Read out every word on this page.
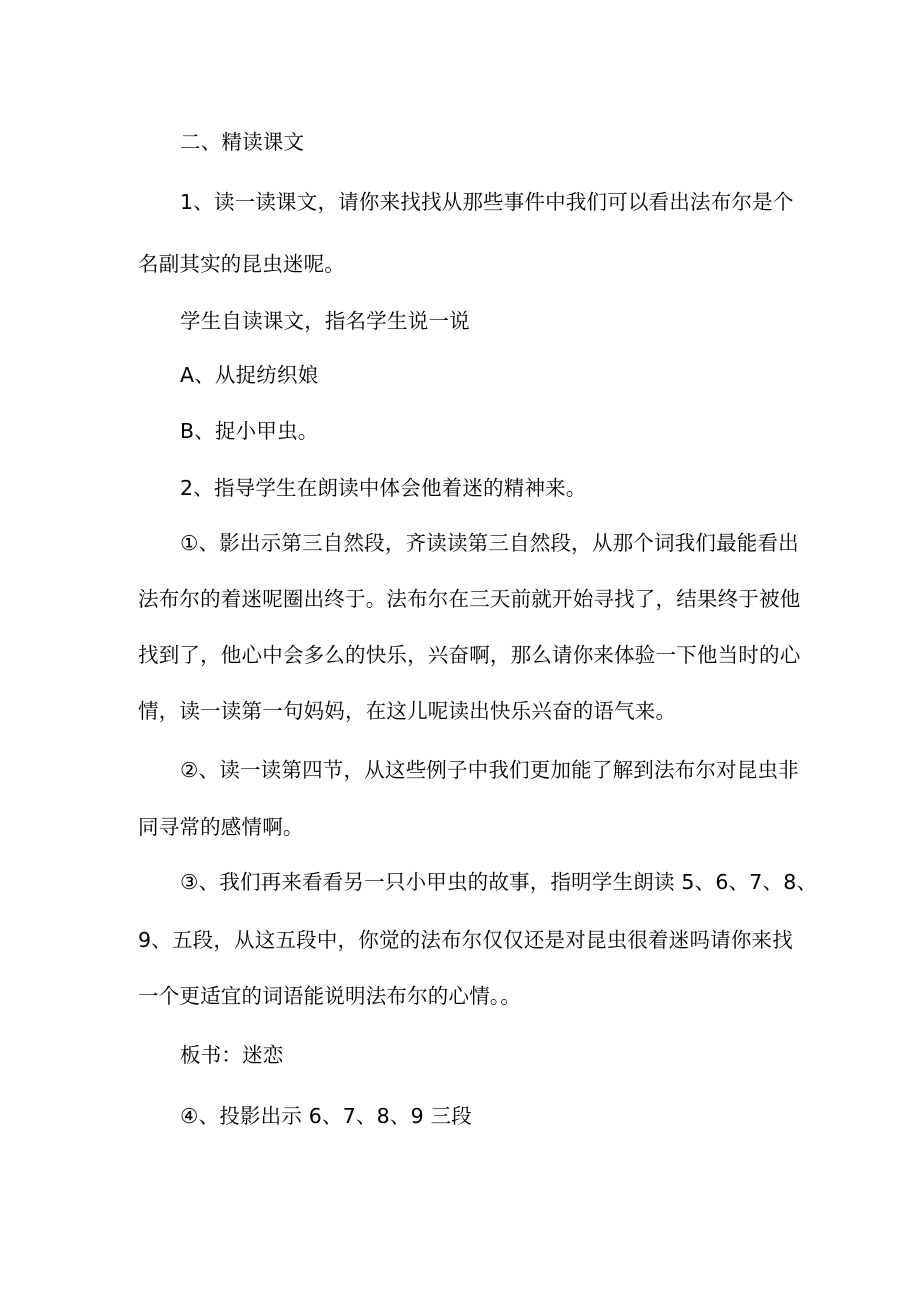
二、精读课文

1、读一读课文，请你来找找从那些事件中我们可以看出法布尔是个

名副其实的昆虫迷呢。

学生自读课文，指名学生说一说

A、从捉纺织娘

B、捉小甲虫。

2、指导学生在朗读中体会他着迷的精神来。

①、影出示第三自然段，齐读读第三自然段，从那个词我们最能看出

法布尔的着迷呢圈出终于。法布尔在三天前就开始寻找了，结果终于被他

找到了，他心中会多么的快乐，兴奋啊，那么请你来体验一下他当时的心

情，读一读第一句妈妈，在这儿呢读出快乐兴奋的语气来。

②、读一读第四节，从这些例子中我们更加能了解到法布尔对昆虫非

同寻常的感情啊。

③、我们再来看看另一只小甲虫的故事，指明学生朗读 5、6、7、8、

9、五段，从这五段中，你觉的法布尔仅仅还是对昆虫很着迷吗请你来找

一个更适宜的词语能说明法布尔的心情。。

板书：迷恋

④、投影出示 6、7、8、9 三段
